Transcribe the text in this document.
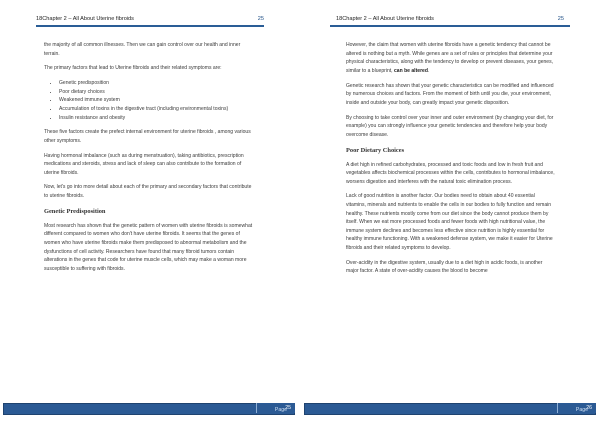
18Chapter 2 – All About Uterine fibroids	25

the majority of all common illnesses. Then we can gain control over our health and inner terrain.

The primary factors that lead to Uterine fibroids and their related symptoms are:

• Genetic predisposition
• Poor dietary choices
• Weakened immune system
• Accumulation of toxins in the digestive tract (including environmental toxins)
• Insulin resistance and obesity

These five factors create the prefect internal environment for uterine fibroids , among various other symptoms.

Having hormonal imbalance (such as during menstruation), taking antibiotics, prescription medications and steroids, stress and lack of sleep can also contribute to the formation of uterine fibroids.

Now, let's go into more detail about each of the primary and secondary factors that contribute to uterine fibroids.

Genetic Predisposition

Most research has shown that the genetic pattern of women with uterine fibroids is somewhat different compared to women who don't have uterine fibroids. It seems that the genes of women who have uterine fibroids make them predisposed to abnormal metabolism and the dysfunctions of cell activity. Researchers have found that many fibroid tumors contain alterations in the genes that code for uterine muscle cells, which may make a woman more susceptible to suffering with fibroids.

Page
25
18Chapter 2 – All About Uterine fibroids	25

However, the claim that women with uterine fibroids have a genetic tendency that cannot be altered is nothing but a myth. While genes are a set of rules or principles that determine your physical characteristics, along with the tendency to develop or prevent diseases, your genes, similar to a blueprint, can be altered.

Genetic research has shown that your genetic characteristics can be modified and influenced by numerous choices and factors. From the moment of birth until you die, your environment, inside and outside your body, can greatly impact your genetic disposition.

By choosing to take control over your inner and outer environment (by changing your diet, for example) you can strongly influence your genetic tendencies and therefore help your body overcome disease.

Poor Dietary Choices

A diet high in refined carbohydrates, processed and toxic foods and low in fresh fruit and vegetables affects biochemical processes within the cells, contributes to hormonal imbalance, worsens digestion and interferes with the natural toxic elimination process.

Lack of good nutrition is another factor. Our bodies need to obtain about 40 essential vitamins, minerals and nutrients to enable the cells in our bodies to fully function and remain healthy. These nutrients mostly come from our diet since the body cannot produce them by itself. When we eat more processed foods and fewer foods with high nutritional value, the immune system declines and becomes less effective since nutrition is highly essential for healthy immune functioning. With a weakened defense system, we make it easier for Uterine fibroids and their related symptoms to develop.

Over-acidity in the digestive system, usually due to a diet high in acidic foods, is another major factor. A state of over-acidity causes the blood to become

Page
26
